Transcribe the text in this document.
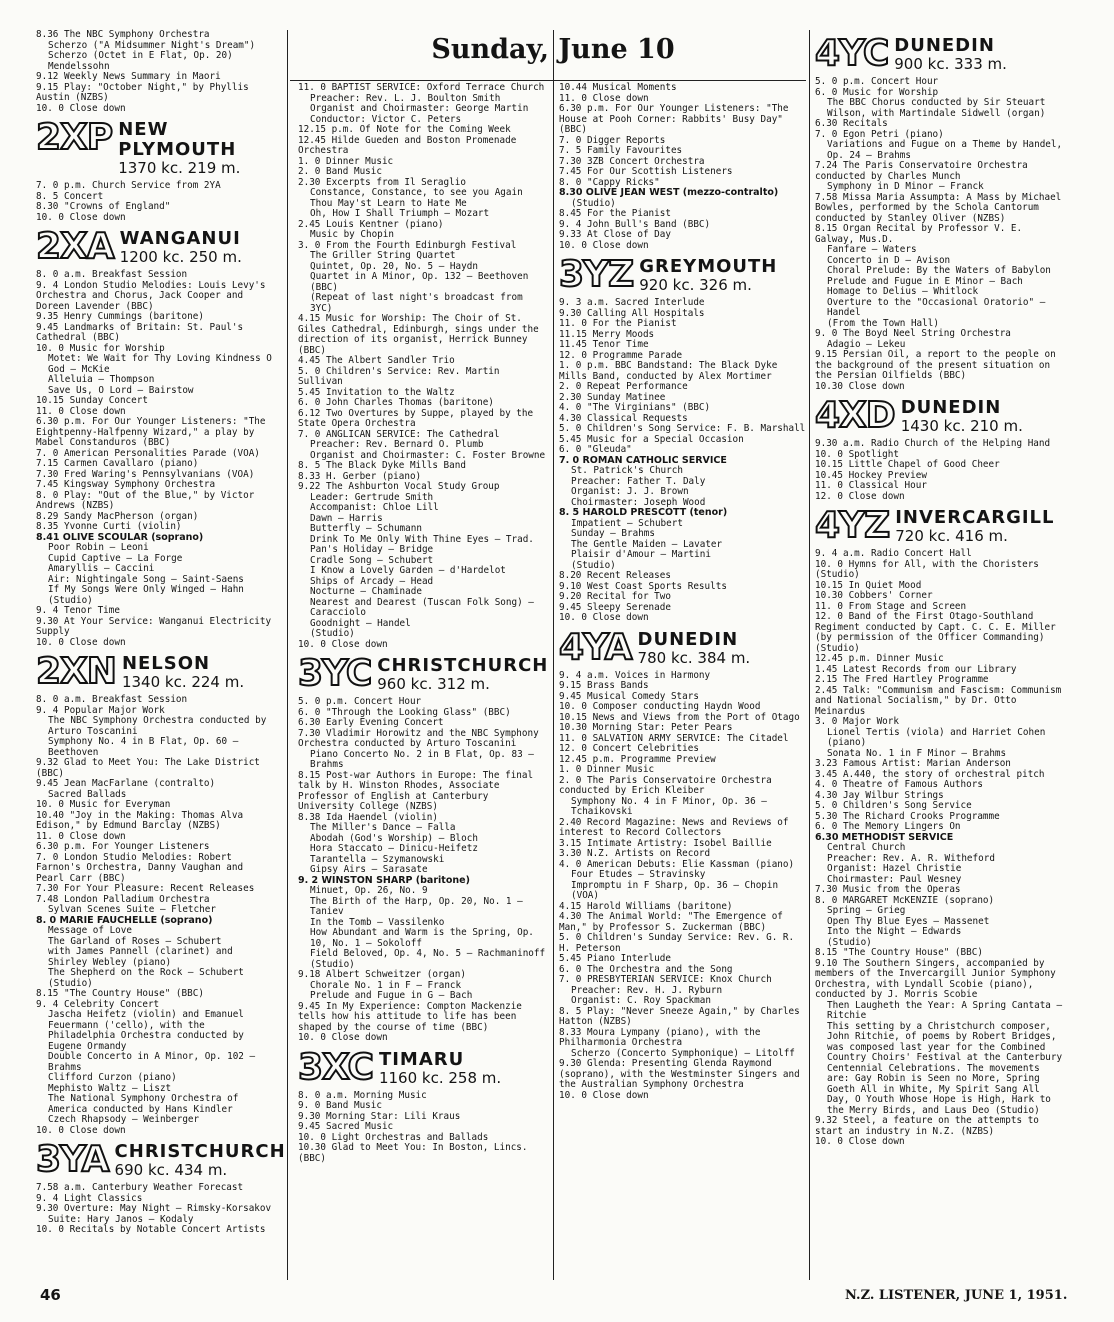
Sunday, June 10

8.36 The NBC Symphony Orchestra

Scherzo ("A Midsummer Night's Dream")

Scherzo (Octet in E Flat, Op. 20)

Mendelssohn

9.12 Weekly News Summary in Maori

9.15 Play: "October Night," by Phyllis Austin (NZBS)

10. 0 Close down

2XP NEW PLYMOUTH
1370 kc. 219 m.

7. 0 p.m. Church Service from 2YA

8. 5 Concert

8.30 "Crowns of England"

10. 0 Close down

2XA WANGANUI
1200 kc. 250 m.

8. 0 a.m. Breakfast Session

9. 4 London Studio Melodies: Louis Levy's Orchestra and Chorus, Jack Cooper and Doreen Lavender (BBC)

9.35 Henry Cummings (baritone)

9.45 Landmarks of Britain: St. Paul's Cathedral (BBC)

10. 0 Music for Worship

Motet: We Wait for Thy Loving Kindness O God — McKie

Alleluia — Thompson

Save Us, O Lord — Bairstow

10.15 Sunday Concert

11. 0 Close down

6.30 p.m. For Our Younger Listeners: "The Eightpenny-Halfpenny Wizard," a play by Mabel Constanduros (BBC)

7. 0 American Personalities Parade (VOA)

7.15 Carmen Cavallaro (piano)

7.30 Fred Waring's Pennsylvanians (VOA)

7.45 Kingsway Symphony Orchestra

8. 0 Play: "Out of the Blue," by Victor Andrews (NZBS)

8.29 Sandy MacPherson (organ)

8.35 Yvonne Curti (violin)

8.41 OLIVE SCOULAR (soprano)

Poor Robin — Leoni

Cupid Captive — La Forge

Amaryllis — Caccini

Air: Nightingale Song — Saint-Saens

If My Songs Were Only Winged — Hahn

(Studio)

9. 4 Tenor Time

9.30 At Your Service: Wanganui Electricity Supply

10. 0 Close down

2XN NELSON
1340 kc. 224 m.

8. 0 a.m. Breakfast Session

9. 4 Popular Major Work

The NBC Symphony Orchestra conducted by Arturo Toscanini

Symphony No. 4 in B Flat, Op. 60 — Beethoven

9.32 Glad to Meet You: The Lake District (BBC)

9.45 Jean MacFarlane (contralto)

Sacred Ballads

10. 0 Music for Everyman

10.40 "Joy in the Making: Thomas Alva Edison," by Edmund Barclay (NZBS)

11. 0 Close down

6.30 p.m. For Younger Listeners

7. 0 London Studio Melodies: Robert Farnon's Orchestra, Danny Vaughan and Pearl Carr (BBC)

7.30 For Your Pleasure: Recent Releases

7.48 London Palladium Orchestra

Sylvan Scenes Suite — Fletcher

8. 0 MARIE FAUCHELLE (soprano)

Message of Love

The Garland of Roses — Schubert

with James Pannell (clarinet) and Shirley Webley (piano)

The Shepherd on the Rock — Schubert

(Studio)

8.15 "The Country House" (BBC)

9. 4 Celebrity Concert

Jascha Heifetz (violin) and Emanuel Feuermann ('cello), with the Philadelphia Orchestra conducted by Eugene Ormandy

Double Concerto in A Minor, Op. 102 — Brahms

Clifford Curzon (piano)

Mephisto Waltz — Liszt

The National Symphony Orchestra of America conducted by Hans Kindler

Czech Rhapsody — Weinberger

10. 0 Close down

3YA CHRISTCHURCH
690 kc. 434 m.

7.58 a.m. Canterbury Weather Forecast

9. 4 Light Classics

9.30 Overture: May Night — Rimsky-Korsakov

Suite: Hary Janos — Kodaly

10. 0 Recitals by Notable Concert Artists

11. 0 BAPTIST SERVICE: Oxford Terrace Church

Preacher: Rev. L. J. Boulton Smith

Organist and Choirmaster: George Martin

Conductor: Victor C. Peters

12.15 p.m. Of Note for the Coming Week

12.45 Hilde Gueden and Boston Promenade Orchestra

1. 0 Dinner Music

2. 0 Band Music

2.30 Excerpts from Il Seraglio

Constance, Constance, to see you Again

Thou May'st Learn to Hate Me

Oh, How I Shall Triumph — Mozart

2.45 Louis Kentner (piano)

Music by Chopin

3. 0 From the Fourth Edinburgh Festival

The Griller String Quartet

Quintet, Op. 20, No. 5 — Haydn

Quartet in A Minor, Op. 132 — Beethoven

(BBC)

(Repeat of last night's broadcast from 3YC)

4.15 Music for Worship: The Choir of St. Giles Cathedral, Edinburgh, sings under the direction of its organist, Herrick Bunney (BBC)

4.45 The Albert Sandler Trio

5. 0 Children's Service: Rev. Martin Sullivan

5.45 Invitation to the Waltz

6. 0 John Charles Thomas (baritone)

6.12 Two Overtures by Suppe, played by the State Opera Orchestra

7. 0 ANGLICAN SERVICE: The Cathedral

Preacher: Rev. Bernard O. Plumb

Organist and Choirmaster: C. Foster Browne

8. 5 The Black Dyke Mills Band

8.33 H. Gerber (piano)

9.22 The Ashburton Vocal Study Group

Leader: Gertrude Smith

Accompanist: Chloe Lill

Dawn — Harris

Butterfly — Schumann

Drink To Me Only With Thine Eyes — Trad.

Pan's Holiday — Bridge

Cradle Song — Schubert

I Know a Lovely Garden — d'Hardelot

Ships of Arcady — Head

Nocturne — Chaminade

Nearest and Dearest (Tuscan Folk Song) — Caracciolo

Goodnight — Handel

(Studio)

10. 0 Close down

3YC CHRISTCHURCH
960 kc. 312 m.

5. 0 p.m. Concert Hour

6. 0 "Through the Looking Glass" (BBC)

6.30 Early Evening Concert

7.30 Vladimir Horowitz and the NBC Symphony Orchestra conducted by Arturo Toscanini

Piano Concerto No. 2 in B Flat, Op. 83 — Brahms

8.15 Post-war Authors in Europe: The final talk by H. Winston Rhodes, Associate Professor of English at Canterbury University College (NZBS)

8.38 Ida Haendel (violin)

The Miller's Dance — Falla

Abodah (God's Worship) — Bloch

Hora Staccato — Dinicu-Heifetz

Tarantella — Szymanowski

Gipsy Airs — Sarasate

9. 2 WINSTON SHARP (baritone)

Minuet, Op. 26, No. 9

The Birth of the Harp, Op. 20, No. 1 — Taniev

In the Tomb — Vassilenko

How Abundant and Warm is the Spring, Op. 10, No. 1 — Sokoloff

Field Beloved, Op. 4, No. 5 — Rachmaninoff

(Studio)

9.18 Albert Schweitzer (organ)

Chorale No. 1 in F — Franck

Prelude and Fugue in G — Bach

9.45 In My Experience: Compton Mackenzie tells how his attitude to life has been shaped by the course of time (BBC)

10. 0 Close down

3XC TIMARU
1160 kc. 258 m.

8. 0 a.m. Morning Music

9. 0 Band Music

9.30 Morning Star: Lili Kraus

9.45 Sacred Music

10. 0 Light Orchestras and Ballads

10.30 Glad to Meet You: In Boston, Lincs. (BBC)

10.44 Musical Moments

11. 0 Close down

6.30 p.m. For Our Younger Listeners: "The House at Pooh Corner: Rabbits' Busy Day" (BBC)

7. 0 Digger Reports

7. 5 Family Favourites

7.30 3ZB Concert Orchestra

7.45 For Our Scottish Listeners

8. 0 "Cappy Ricks"

8.30 OLIVE JEAN WEST (mezzo-contralto)

(Studio)

8.45 For the Pianist

9. 4 John Bull's Band (BBC)

9.33 At Close of Day

10. 0 Close down

3YZ GREYMOUTH
920 kc. 326 m.

9. 3 a.m. Sacred Interlude

9.30 Calling All Hospitals

11. 0 For the Pianist

11.15 Merry Moods

11.45 Tenor Time

12. 0 Programme Parade

1. 0 p.m. BBC Bandstand: The Black Dyke Mills Band, conducted by Alex Mortimer

2. 0 Repeat Performance

2.30 Sunday Matinee

4. 0 "The Virginians" (BBC)

4.30 Classical Requests

5. 0 Children's Song Service: F. B. Marshall

5.45 Music for a Special Occasion

6. 0 "Gleuda"

7. 0 ROMAN CATHOLIC SERVICE

St. Patrick's Church

Preacher: Father T. Daly

Organist: J. J. Brown

Choirmaster: Joseph Wood

8. 5 HAROLD PRESCOTT (tenor)

Impatient — Schubert

Sunday — Brahms

The Gentle Maiden — Lavater

Plaisir d'Amour — Martini

(Studio)

8.20 Recent Releases

9.10 West Coast Sports Results

9.20 Recital for Two

9.45 Sleepy Serenade

10. 0 Close down

4YA DUNEDIN
780 kc. 384 m.

9. 4 a.m. Voices in Harmony

9.15 Brass Bands

9.45 Musical Comedy Stars

10. 0 Composer conducting Haydn Wood

10.15 News and Views from the Port of Otago

10.30 Morning Star: Peter Pears

11. 0 SALVATION ARMY SERVICE: The Citadel

12. 0 Concert Celebrities

12.45 p.m. Programme Preview

1. 0 Dinner Music

2. 0 The Paris Conservatoire Orchestra conducted by Erich Kleiber

Symphony No. 4 in F Minor, Op. 36 — Tchaikovski

2.40 Record Magazine: News and Reviews of interest to Record Collectors

3.15 Intimate Artistry: Isobel Baillie

3.30 N.Z. Artists on Record

4. 0 American Debuts: Elie Kassman (piano)

Four Etudes — Stravinsky

Impromptu in F Sharp, Op. 36 — Chopin

(VOA)

4.15 Harold Williams (baritone)

4.30 The Animal World: "The Emergence of Man," by Professor S. Zuckerman (BBC)

5. 0 Children's Sunday Service: Rev. G. R. H. Peterson

5.45 Piano Interlude

6. 0 The Orchestra and the Song

7. 0 PRESBYTERIAN SERVICE: Knox Church

Preacher: Rev. H. J. Ryburn

Organist: C. Roy Spackman

8. 5 Play: "Never Sneeze Again," by Charles Hatton (NZBS)

8.33 Moura Lympany (piano), with the Philharmonia Orchestra

Scherzo (Concerto Symphonique) — Litolff

9.30 Glenda: Presenting Glenda Raymond (soprano), with the Westminster Singers and the Australian Symphony Orchestra

10. 0 Close down

4YC DUNEDIN
900 kc. 333 m.

5. 0 p.m. Concert Hour

6. 0 Music for Worship

The BBC Chorus conducted by Sir Steuart Wilson, with Martindale Sidwell (organ)

6.30 Recitals

7. 0 Egon Petri (piano)

Variations and Fugue on a Theme by Handel, Op. 24 — Brahms

7.24 The Paris Conservatoire Orchestra conducted by Charles Munch

Symphony in D Minor — Franck

7.58 Missa Maria Assumpta: A Mass by Michael Bowles, performed by the Schola Cantorum conducted by Stanley Oliver (NZBS)

8.15 Organ Recital by Professor V. E. Galway, Mus.D.

Fanfare — Waters

Concerto in D — Avison

Choral Prelude: By the Waters of Babylon

Prelude and Fugue in E Minor — Bach

Homage to Delius — Whitlock

Overture to the "Occasional Oratorio" — Handel

(From the Town Hall)

9. 0 The Boyd Neel String Orchestra

Adagio — Lekeu

9.15 Persian Oil, a report to the people on the background of the present situation on the Persian Oilfields (BBC)

10.30 Close down

4XD DUNEDIN
1430 kc. 210 m.

9.30 a.m. Radio Church of the Helping Hand

10. 0 Spotlight

10.15 Little Chapel of Good Cheer

10.45 Hockey Preview

11. 0 Classical Hour

12. 0 Close down

4YZ INVERCARGILL
720 kc. 416 m.

9. 4 a.m. Radio Concert Hall

10. 0 Hymns for All, with the Choristers (Studio)

10.15 In Quiet Mood

10.30 Cobbers' Corner

11. 0 From Stage and Screen

12. 0 Band of the First Otago-Southland Regiment conducted by Capt. C. C. E. Miller (by permission of the Officer Commanding) (Studio)

12.45 p.m. Dinner Music

1.45 Latest Records from our Library

2.15 The Fred Hartley Programme

2.45 Talk: "Communism and Fascism: Communism and National Socialism," by Dr. Otto Meinardus

3. 0 Major Work

Lionel Tertis (viola) and Harriet Cohen (piano)

Sonata No. 1 in F Minor — Brahms

3.23 Famous Artist: Marian Anderson

3.45 A.440, the story of orchestral pitch

4. 0 Theatre of Famous Authors

4.30 Jay Wilbur Strings

5. 0 Children's Song Service

5.30 The Richard Crooks Programme

6. 0 The Memory Lingers On

6.30 METHODIST SERVICE

Central Church

Preacher: Rev. A. R. Witheford

Organist: Hazel Christie

Choirmaster: Paul Wesney

7.30 Music from the Operas

8. 0 MARGARET McKENZIE (soprano)

Spring — Grieg

Open Thy Blue Eyes — Massenet

Into the Night — Edwards

(Studio)

8.15 "The Country House" (BBC)

9.10 The Southern Singers, accompanied by members of the Invercargill Junior Symphony Orchestra, with Lyndall Scobie (piano), conducted by J. Morris Scobie

Then Laugheth the Year: A Spring Cantata — Ritchie

This setting by a Christchurch composer, John Ritchie, of poems by Robert Bridges, was composed last year for the Combined Country Choirs' Festival at the Canterbury Centennial Celebrations. The movements are: Gay Robin is Seen no More, Spring Goeth All in White, My Spirit Sang All Day, O Youth Whose Hope is High, Hark to the Merry Birds, and Laus Deo (Studio)

9.32 Steel, a feature on the attempts to start an industry in N.Z. (NZBS)

10. 0 Close down

46	N.Z. LISTENER, JUNE 1, 1951.
